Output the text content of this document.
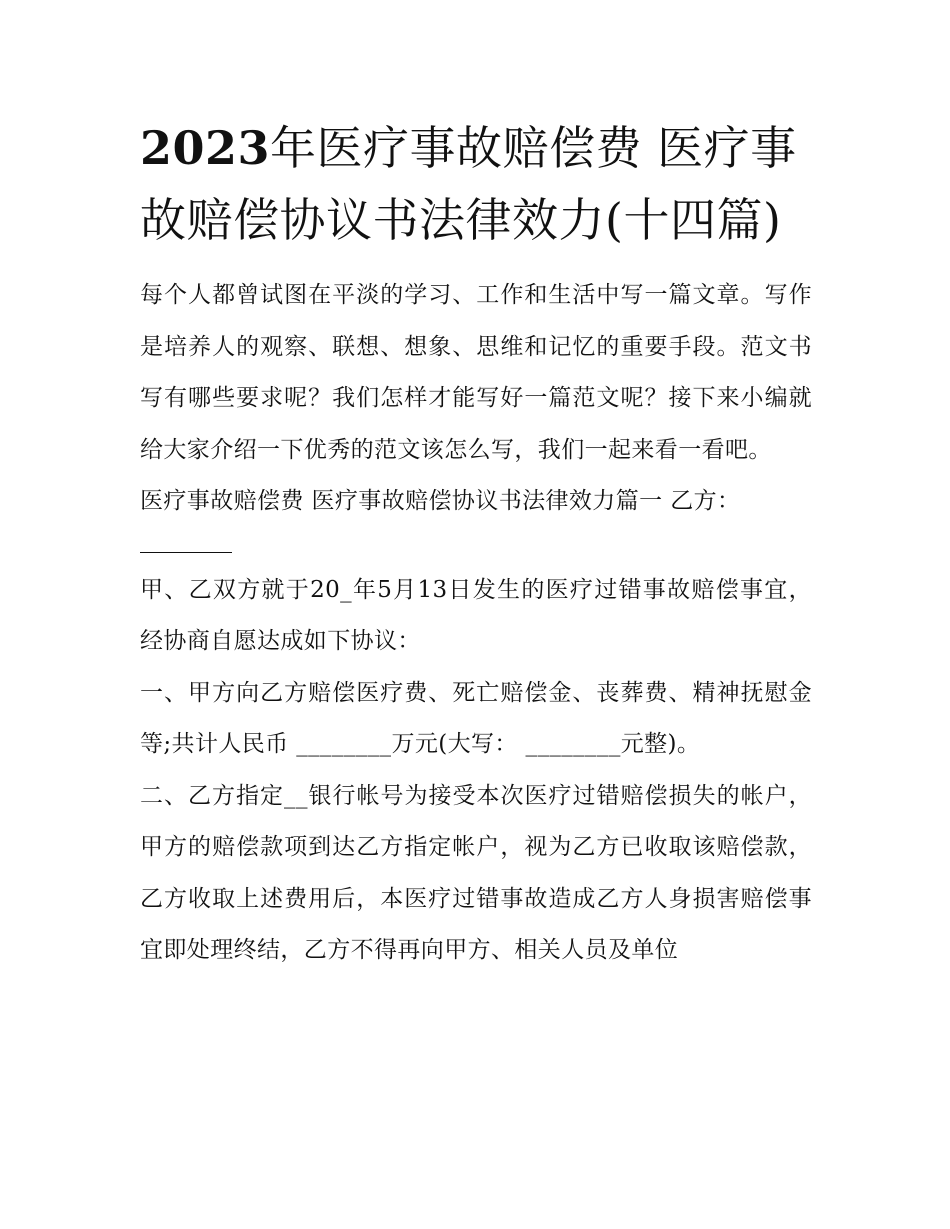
2023年医疗事故赔偿费 医疗事故赔偿协议书法律效力(十四篇)

每个人都曾试图在平淡的学习、工作和生活中写一篇文章。写作是培养人的观察、联想、想象、思维和记忆的重要手段。范文书写有哪些要求呢？我们怎样才能写好一篇范文呢？接下来小编就给大家介绍一下优秀的范文该怎么写，我们一起来看一看吧。

医疗事故赔偿费 医疗事故赔偿协议书法律效力篇一 乙方：

甲、乙双方就于20_年5月13日发生的医疗过错事故赔偿事宜，经协商自愿达成如下协议：

一、甲方向乙方赔偿医疗费、死亡赔偿金、丧葬费、精神抚慰金等;共计人民币 ________万元(大写： ________元整)。

二、乙方指定__银行帐号为接受本次医疗过错赔偿损失的帐户，甲方的赔偿款项到达乙方指定帐户，视为乙方已收取该赔偿款，乙方收取上述费用后，本医疗过错事故造成乙方人身损害赔偿事宜即处理终结，乙方不得再向甲方、相关人员及单位
